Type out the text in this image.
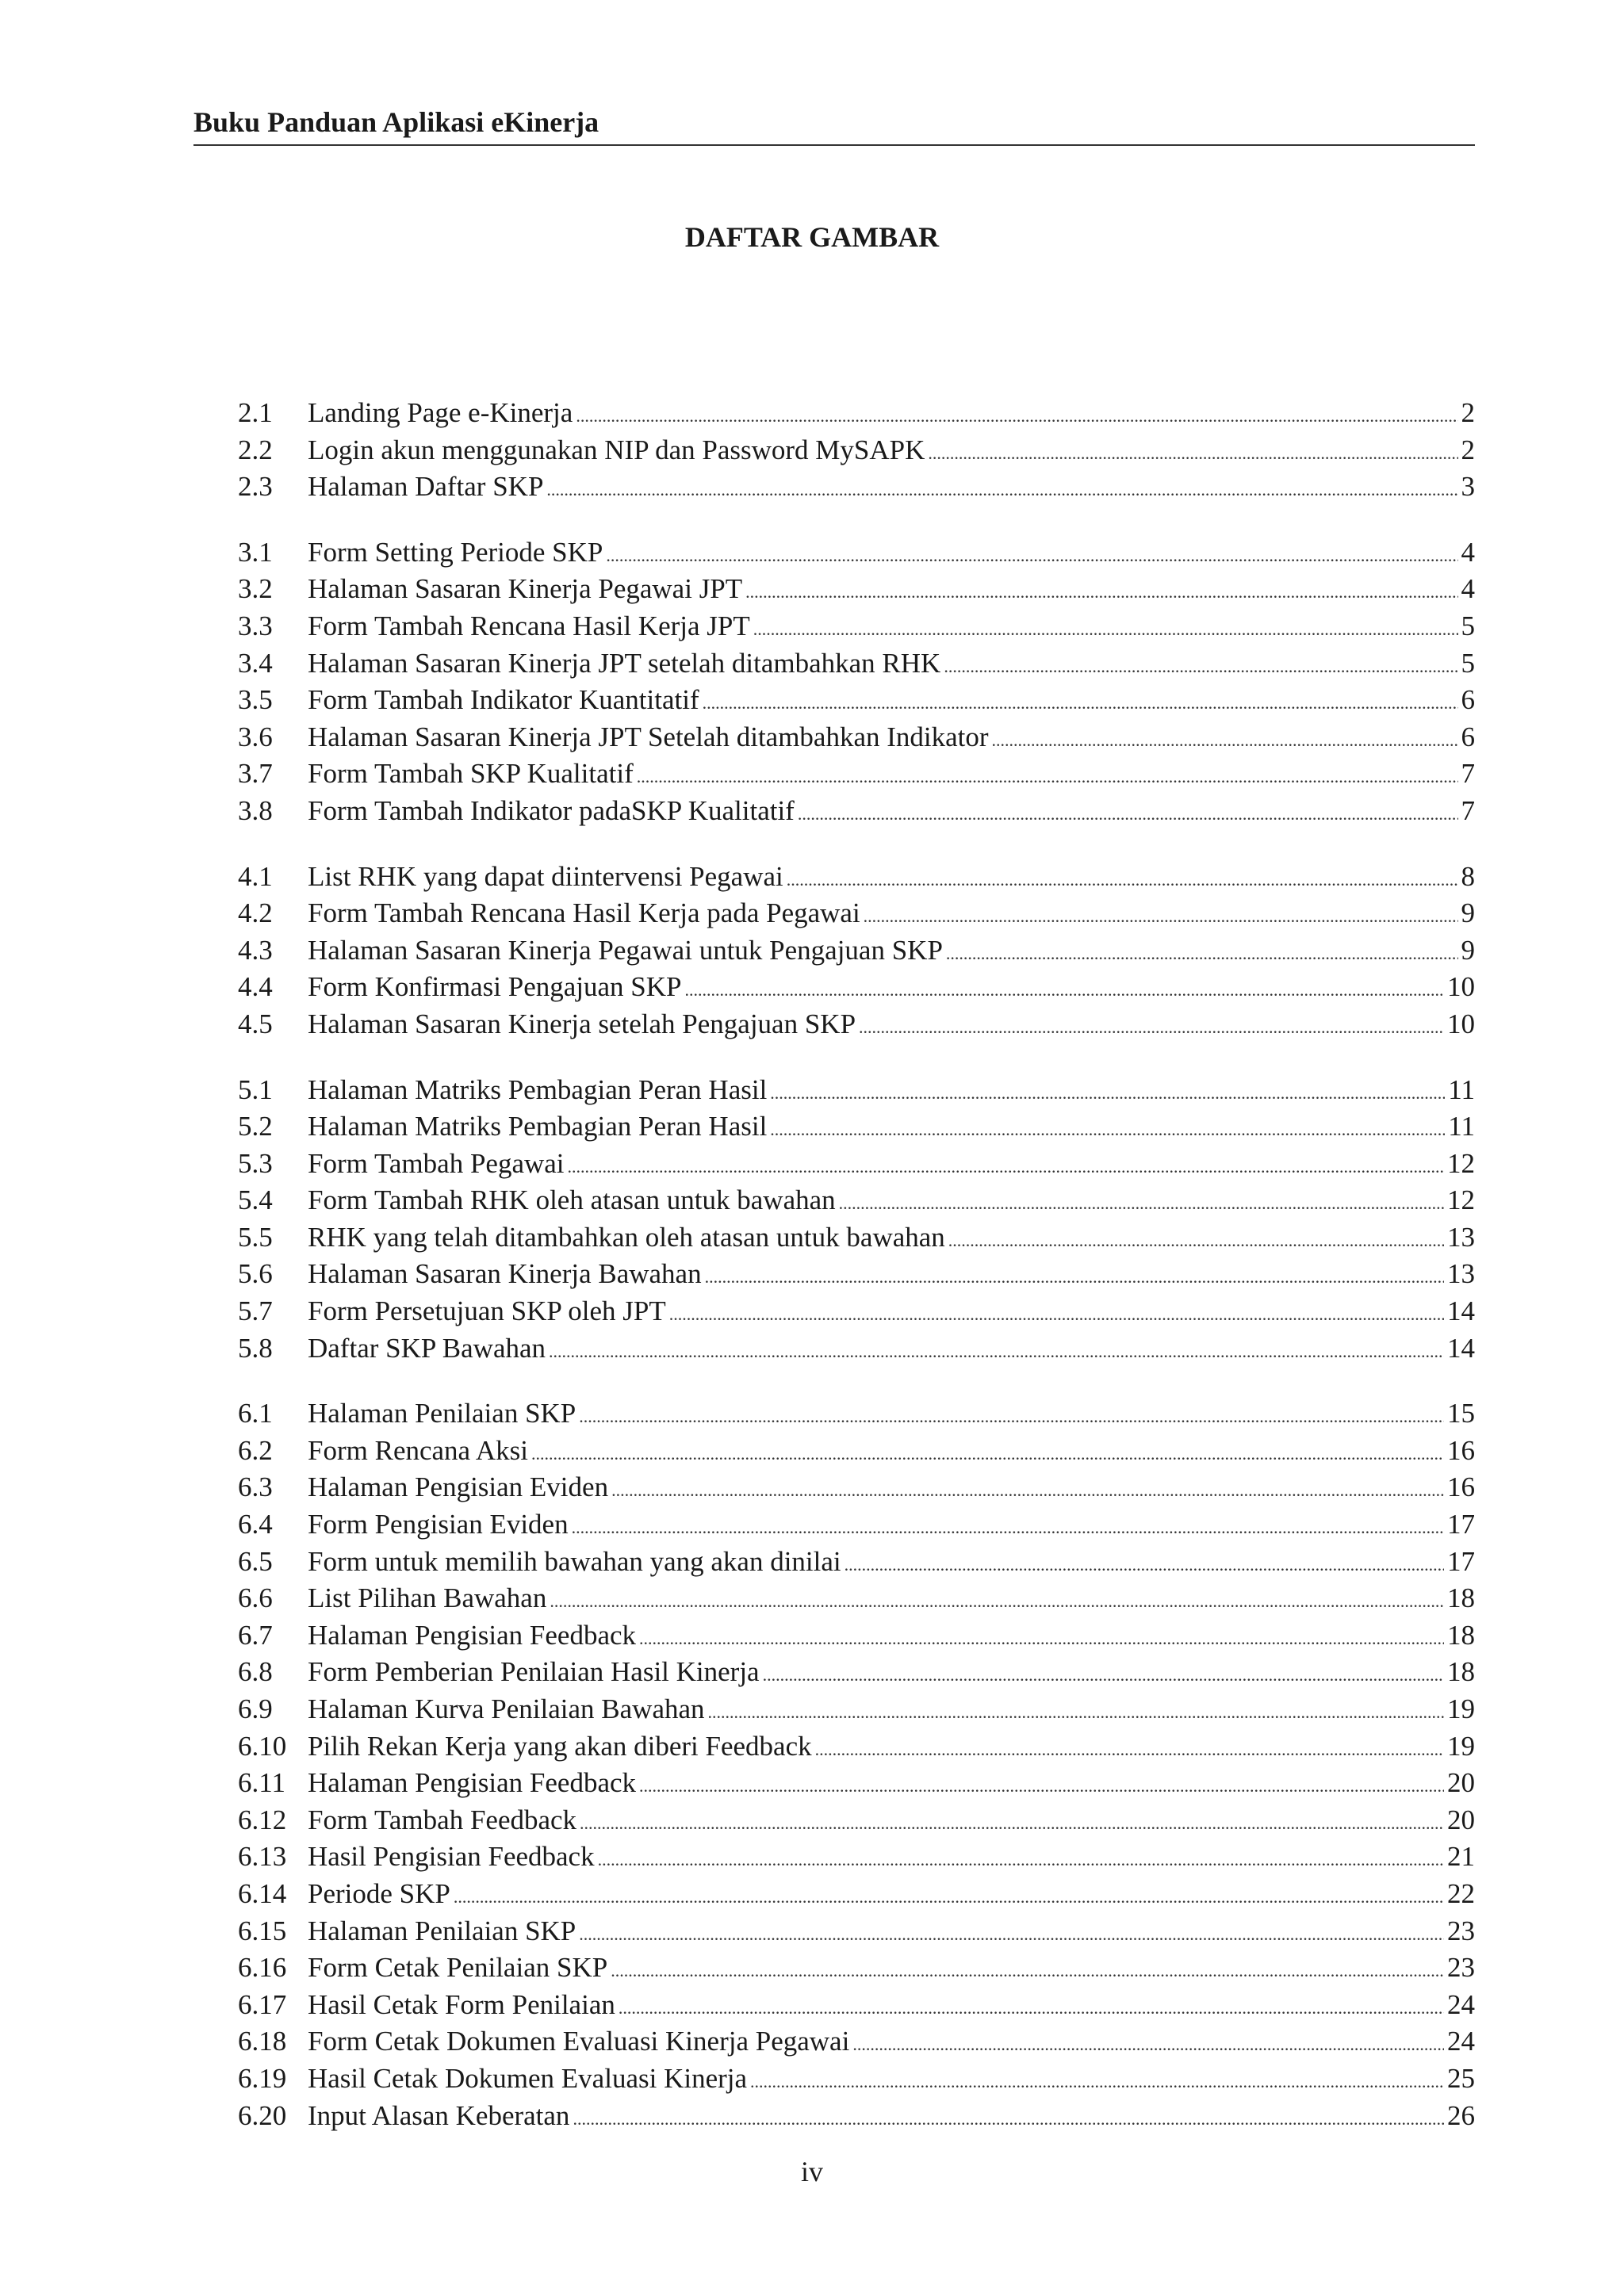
Buku Panduan Aplikasi eKinerja
DAFTAR GAMBAR
2.1	Landing Page e-Kinerja .....	2
2.2	Login akun menggunakan NIP dan Password MySAPK .....	2
2.3	Halaman Daftar SKP .....	3
3.1	Form Setting Periode SKP .....	4
3.2	Halaman Sasaran Kinerja Pegawai JPT .....	4
3.3	Form Tambah Rencana Hasil Kerja JPT .....	5
3.4	Halaman Sasaran Kinerja JPT setelah ditambahkan RHK .....	5
3.5	Form Tambah Indikator Kuantitatif .....	6
3.6	Halaman Sasaran Kinerja JPT Setelah ditambahkan Indikator .....	6
3.7	Form Tambah SKP Kualitatif .....	7
3.8	Form Tambah Indikator padaSKP Kualitatif .....	7
4.1	List RHK yang dapat diintervensi Pegawai .....	8
4.2	Form Tambah Rencana Hasil Kerja pada Pegawai .....	9
4.3	Halaman Sasaran Kinerja Pegawai untuk Pengajuan SKP .....	9
4.4	Form Konfirmasi Pengajuan SKP .....	10
4.5	Halaman Sasaran Kinerja setelah Pengajuan SKP .....	10
5.1	Halaman Matriks Pembagian Peran Hasil .....	11
5.2	Halaman Matriks Pembagian Peran Hasil .....	11
5.3	Form Tambah Pegawai .....	12
5.4	Form Tambah RHK oleh atasan untuk bawahan .....	12
5.5	RHK yang telah ditambahkan oleh atasan untuk bawahan .....	13
5.6	Halaman Sasaran Kinerja Bawahan .....	13
5.7	Form Persetujuan SKP oleh JPT .....	14
5.8	Daftar SKP Bawahan .....	14
6.1	Halaman Penilaian SKP .....	15
6.2	Form Rencana Aksi .....	16
6.3	Halaman Pengisian Eviden .....	16
6.4	Form Pengisian Eviden .....	17
6.5	Form untuk memilih bawahan yang akan dinilai .....	17
6.6	List Pilihan Bawahan .....	18
6.7	Halaman Pengisian Feedback .....	18
6.8	Form Pemberian Penilaian Hasil Kinerja .....	18
6.9	Halaman Kurva Penilaian Bawahan .....	19
6.10 Pilih Rekan Kerja yang akan diberi Feedback .....	19
6.11 Halaman Pengisian Feedback .....	20
6.12 Form Tambah Feedback .....	20
6.13 Hasil Pengisian Feedback .....	21
6.14 Periode SKP .....	22
6.15 Halaman Penilaian SKP .....	23
6.16 Form Cetak Penilaian SKP .....	23
6.17 Hasil Cetak Form Penilaian .....	24
6.18 Form Cetak Dokumen Evaluasi Kinerja Pegawai .....	24
6.19 Hasil Cetak Dokumen Evaluasi Kinerja .....	25
6.20 Input Alasan Keberatan .....	26
iv
